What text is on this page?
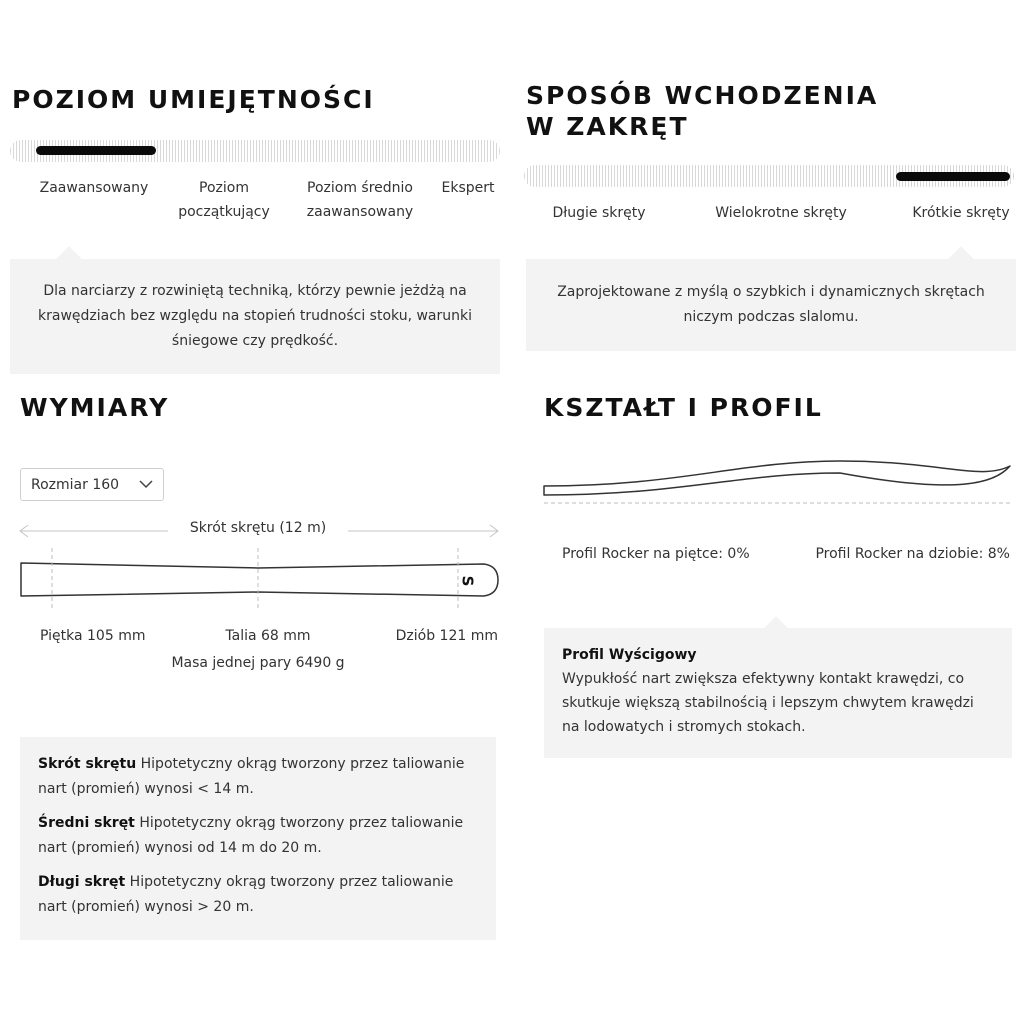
POZIOM UMIEJĘTNOŚCI
Zaawansowany	Poziom początkujący
Poziom średnio zaawansowany
Ekspert
Dla narciarzy z rozwiniętą techniką, którzy pewnie jeżdżą na krawędziach bez względu na stopień trudności stoku, warunki śniegowe czy prędkość.
SPOSÓB WCHODZENIA
W ZAKRĘT
Długie skręty	Wielokrotne skręty	Krótkie skręty
Zaprojektowane z myślą o szybkich i dynamicznych skrętach niczym podczas slalomu.
WYMIARY
Rozmiar 160
Skrót skrętu (12 m)
S
Piętka 105 mm	Talia 68 mm	Dziób 121 mm
Masa jednej pary 6490 g

Skrót skrętu Hipotetyczny okrąg tworzony przez taliowanie nart (promień) wynosi < 14 m.

Średni skręt Hipotetyczny okrąg tworzony przez taliowanie nart (promień) wynosi od 14 m do 20 m.

Długi skręt Hipotetyczny okrąg tworzony przez taliowanie nart (promień) wynosi > 20 m.

KSZTAŁT I PROFIL
Profil Rocker na piętce: 0%	Profil Rocker na dziobie: 8%
Profil Wyścigowy
Wypukłość nart zwiększa efektywny kontakt krawędzi, co skutkuje większą stabilnością i lepszym chwytem krawędzi na lodowatych i stromych stokach.
